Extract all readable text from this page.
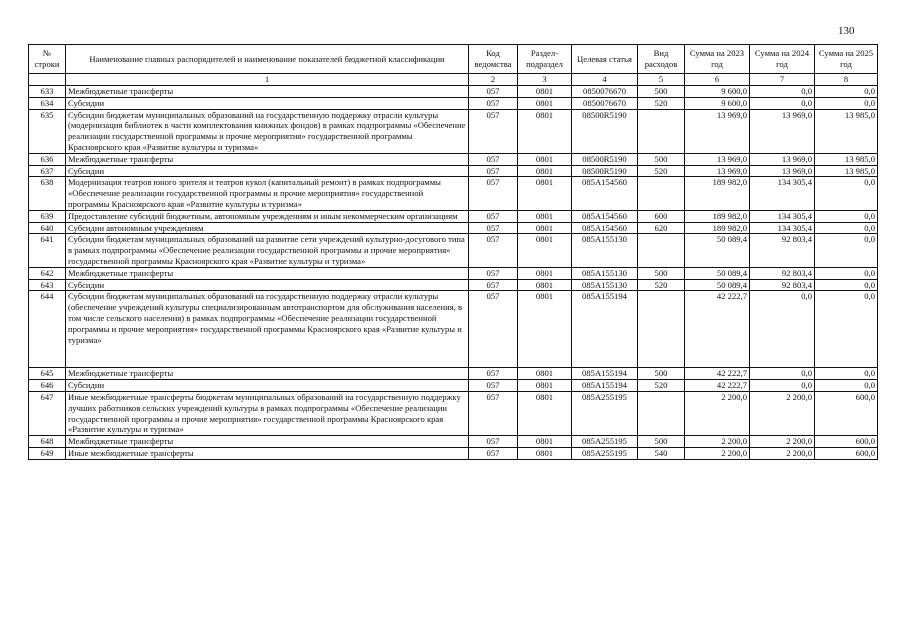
130
№ строки	Наименование главных распорядителей и наименование показателей бюджетной классификации	Код ведомства	Раздел-подраздел	Целевая статья	Вид расходов	Сумма на 2023 год	Сумма на 2024 год	Сумма на 2025 год
	1	2	3	4	5	6	7	8
633	Межбюджетные трансферты	057	0801	0850076670	500	9 600,0	0,0	0,0
634	Субсидии	057	0801	0850076670	520	9 600,0	0,0	0,0
635	Субсидии бюджетам муниципальных образований на государственную поддержку отрасли культуры (модернизация библиотек в части комплектования книжных фондов) в рамках подпрограммы «Обеспечение реализации государственной программы и прочие мероприятия» государственной программы Красноярского края «Развитие культуры и туризма»	057	0801	08500R5190		13 969,0	13 969,0	13 985,0
636	Межбюджетные трансферты	057	0801	08500R5190	500	13 969,0	13 969,0	13 985,0
637	Субсидии	057	0801	08500R5190	520	13 969,0	13 969,0	13 985,0
638	Модернизация театров юного зрителя и театров кукол (капитальный ремонт) в рамках подпрограммы «Обеспечение реализации государственной программы и прочие мероприятия» государственной программы Красноярского края «Развитие культуры и туризма»	057	0801	085А154560		189 982,0	134 305,4	0,0
639	Предоставление субсидий бюджетным, автономным учреждениям и иным некоммерческим организациям	057	0801	085А154560	600	189 982,0	134 305,4	0,0
640	Субсидии автономным учреждениям	057	0801	085А154560	620	189 982,0	134 305,4	0,0
641	Субсидии бюджетам муниципальных образований на развитие сети учреждений культурно-досугового типа в рамках подпрограммы «Обеспечение реализации государственной программы и прочие мероприятия» государственной программы Красноярского края «Развитие культуры и туризма»	057	0801	085А155130		50 089,4	92 803,4	0,0
642	Межбюджетные трансферты	057	0801	085А155130	500	50 089,4	92 803,4	0,0
643	Субсидии	057	0801	085А155130	520	50 089,4	92 803,4	0,0
644	Субсидии бюджетам муниципальных образований на государственную поддержку отрасли культуры (обеспечение учреждений культуры специализированным автотранспортом для обслуживания населения, в том числе сельского населения) в рамках подпрограммы «Обеспечение реализации государственной программы и прочие мероприятия» государственной программы Красноярского края «Развитие культуры и туризма»	057	0801	085А155194		42 222,7	0,0	0,0
645	Межбюджетные трансферты	057	0801	085А155194	500	42 222,7	0,0	0,0
646	Субсидии	057	0801	085А155194	520	42 222,7	0,0	0,0
647	Иные межбюджетные трансферты бюджетам муниципальных образований на государственную поддержку лучших работников сельских учреждений культуры в рамках подпрограммы «Обеспечение реализации государственной программы и прочие мероприятия» государственной программы Красноярского края «Развитие культуры и туризма»	057	0801	085А255195		2 200,0	2 200,0	600,0
648	Межбюджетные трансферты	057	0801	085А255195	500	2 200,0	2 200,0	600,0
649	Иные межбюджетные трансферты	057	0801	085А255195	540	2 200,0	2 200,0	600,0
